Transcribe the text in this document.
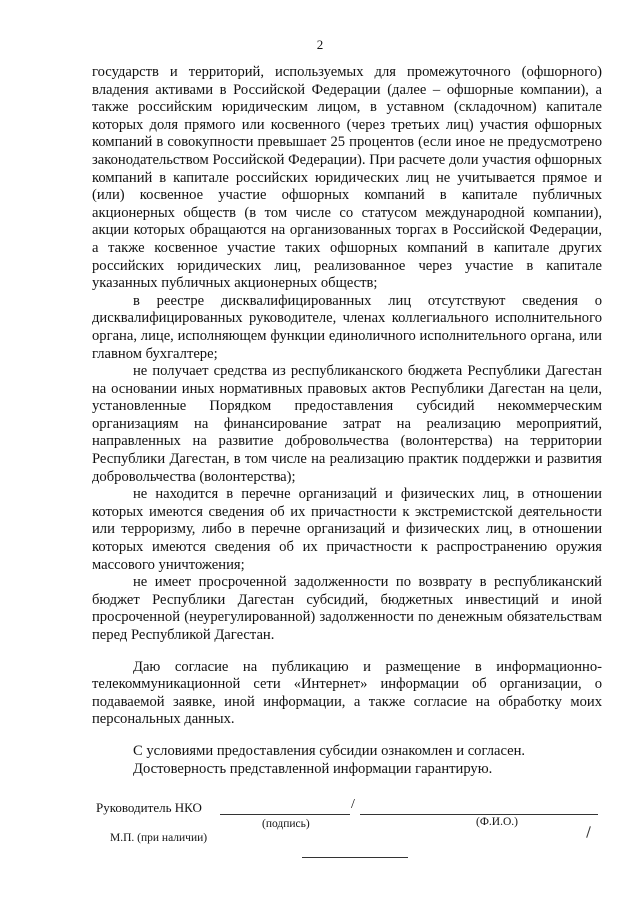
2

государств и территорий, используемых для промежуточного (офшорного) владения активами в Российской Федерации (далее – офшорные компании), а также российским юридическим лицом, в уставном (складочном) капитале которых доля прямого или косвенного (через третьих лиц) участия офшорных компаний в совокупности превышает 25 процентов (если иное не предусмотрено законодательством Российской Федерации). При расчете доли участия офшорных компаний в капитале российских юридических лиц не учитывается прямое и (или) косвенное участие офшорных компаний в капитале публичных акционерных обществ (в том числе со статусом международной компании), акции которых обращаются на организованных торгах в Российской Федерации, а также косвенное участие таких офшорных компаний в капитале других российских юридических лиц, реализованное через участие в капитале указанных публичных акционерных обществ;

в реестре дисквалифицированных лиц отсутствуют сведения о дисквалифицированных руководителе, членах коллегиального исполнительного органа, лице, исполняющем функции единоличного исполнительного органа, или главном бухгалтере;

не получает средства из республиканского бюджета Республики Дагестан на основании иных нормативных правовых актов Республики Дагестан на цели, установленные Порядком предоставления субсидий некоммерческим организациям на финансирование затрат на реализацию мероприятий, направленных на развитие добровольчества (волонтерства) на территории Республики Дагестан, в том числе на реализацию практик поддержки и развития добровольчества (волонтерства);

не находится в перечне организаций и физических лиц, в отношении которых имеются сведения об их причастности к экстремистской деятельности или терроризму, либо в перечне организаций и физических лиц, в отношении которых имеются сведения об их причастности к распространению оружия массового уничтожения;

не имеет просроченной задолженности по возврату в республиканский бюджет Республики Дагестан субсидий, бюджетных инвестиций и иной просроченной (неурегулированной) задолженности по денежным обязательствам перед Республикой Дагестан.

Даю согласие на публикацию и размещение в информационно-телекоммуникационной сети «Интернет» информации об организации, о подаваемой заявке, иной информации, а также согласие на обработку моих персональных данных.

С условиями предоставления субсидии ознакомлен и согласен.

Достоверность представленной информации гарантирую.

Руководитель НКО	/
(подпись)	(Ф.И.О.)
М.П. (при наличии)
